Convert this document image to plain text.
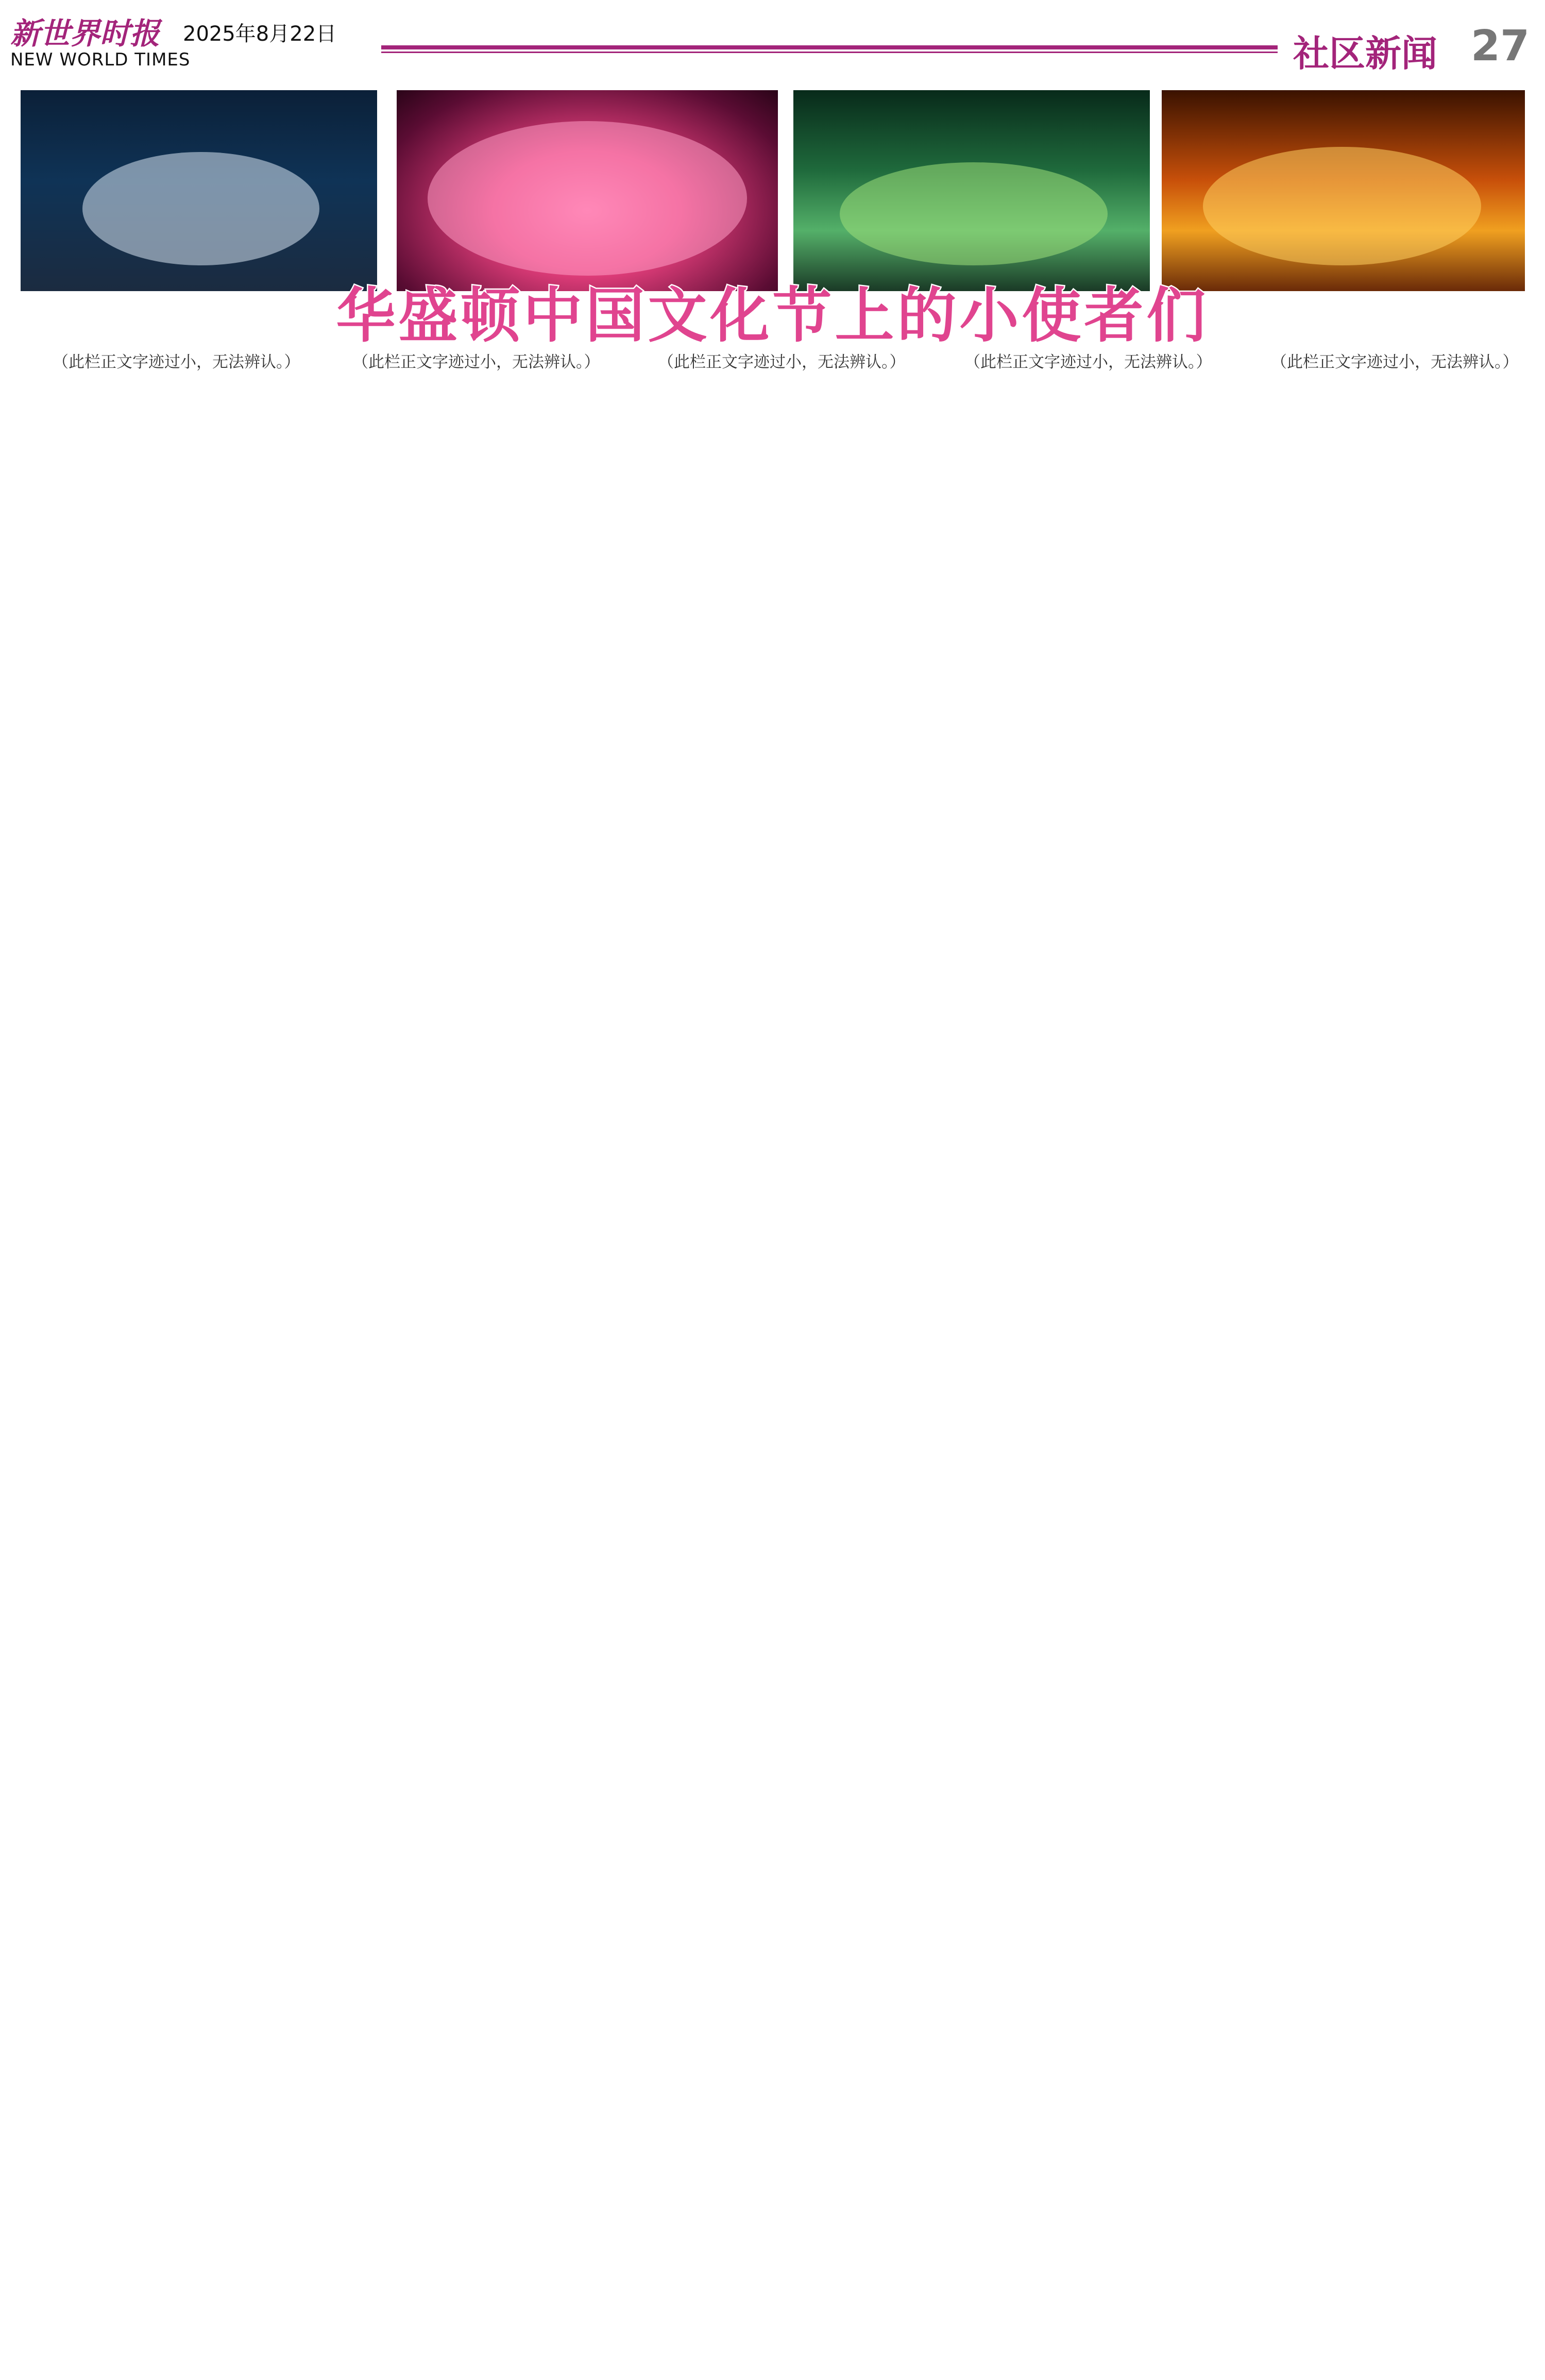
新世界时报 2025年8月22日
NEW WORLD TIMES	社区新闻 27
华盛顿中国文化节上的小使者们

（此栏正文字迹过小，无法辨认。）	（此栏正文字迹过小，无法辨认。）	（此栏正文字迹过小，无法辨认。）	（此栏正文字迹过小，无法辨认。）	（此栏正文字迹过小，无法辨认。）
